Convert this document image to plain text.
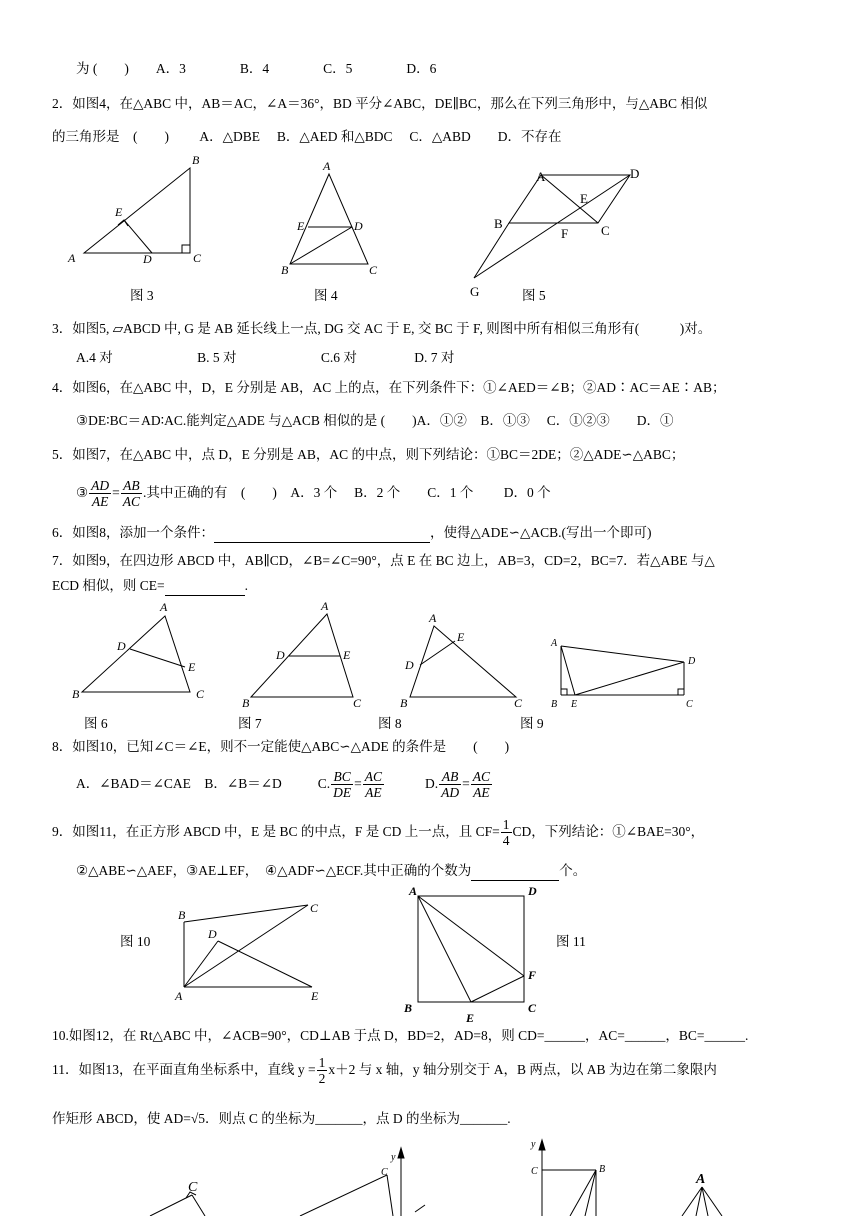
为 (　　)　　A．3　　　　B．4　　　　C．5　　　　D．6
2．如图4，在△ABC 中，AB＝AC，∠A＝36°，BD 平分∠ABC，DE∥BC，那么在下列三角形中，与△ABC 相似
的三角形是　(　　)　　 A．△DBE　 B．△AED 和△BDC　 C．△ABD　　D．不存在
3．如图5, ▱ABCD 中, G 是 AB 延长线上一点, DG 交 AC 于 E, 交 BC 于 F, 则图中所有相似三角形有(　　　)对。
A.4 对　　　　　　 B. 5 对　　　　　　 C.6 对　　　　 D. 7 对
4．如图6，在△ABC 中，D，E 分别是 AB，AC 上的点，在下列条件下：①∠AED＝∠B；②AD∶AC＝AE∶AB；
③DE∶BC＝AD∶AC.能判定△ADE 与△ACB 相似的是 (　　)A．①②　B．①③　 C．①②③　　D．①
5．如图7，在△ABC 中，点 D，E 分别是 AB，AC 的中点，则下列结论：①BC＝2DE；②△ADE∽△ABC；
③ $\frac{AD}{AE} = \frac{AB}{AC}$ .其中正确的有　(　　)　A．3 个　 B．2 个　　C．1 个　　 D．0 个
6．如图8，添加一个条件：	，使得△ADE∽△ACB.(写出一个即可)
7．如图9，在四边形 ABCD 中，AB∥CD，∠B=∠C=90°，点 E 在 BC 边上，AB=3，CD=2，BC=7．若△ABE 与△
ECD 相似，则 CE=	.
8．如图10，已知∠C＝∠E，则不一定能使△ABC∽△ADE 的条件是　　(　　)
A．∠BAD＝∠CAE　B．∠B＝∠D	C. $\frac{BC}{DE} = \frac{AC}{AE}$	D. $\frac{AB}{AD} = \frac{AC}{AE}$
9．如图11，在正方形 ABCD 中，E 是 BC 的中点，F 是 CD 上一点，且 $CF= \frac{1}{4}$ CD，下列结论：①∠BAE=30°，
②△ABE∽△AEF，③AE⊥EF，　④△ADF∽△ECF.其中正确的个数为	个。
10.如图12，在 Rt△ABC 中，∠ACB=90°，CD⊥AB 于点 D，BD=2，AD=8，则 CD=______，AC=______，BC=______.
11．如图13，在平面直角坐标系中，直线 $y = \frac{1}{2} x+2$ 与 x 轴，y 轴分别交于 A，B 两点，以 AB 为边在第二象限内
作矩形 ABCD，使 AD=√5．则点 C 的坐标为_______，点 D 的坐标为_______.
图 3	图 4	图 5
图 6	图 7	图 8	图 9
图 10	图 11
A
B
C
D
E
A
B	C
D
E
A
B	C
D
E
F
G
A
B	C
D
E
A
B	C
D	E
A
B	C
D
E	A
B E	C
D
A
B	C
D
E
A
B	C
D
E
F
C
y
C
y
C	B
A
